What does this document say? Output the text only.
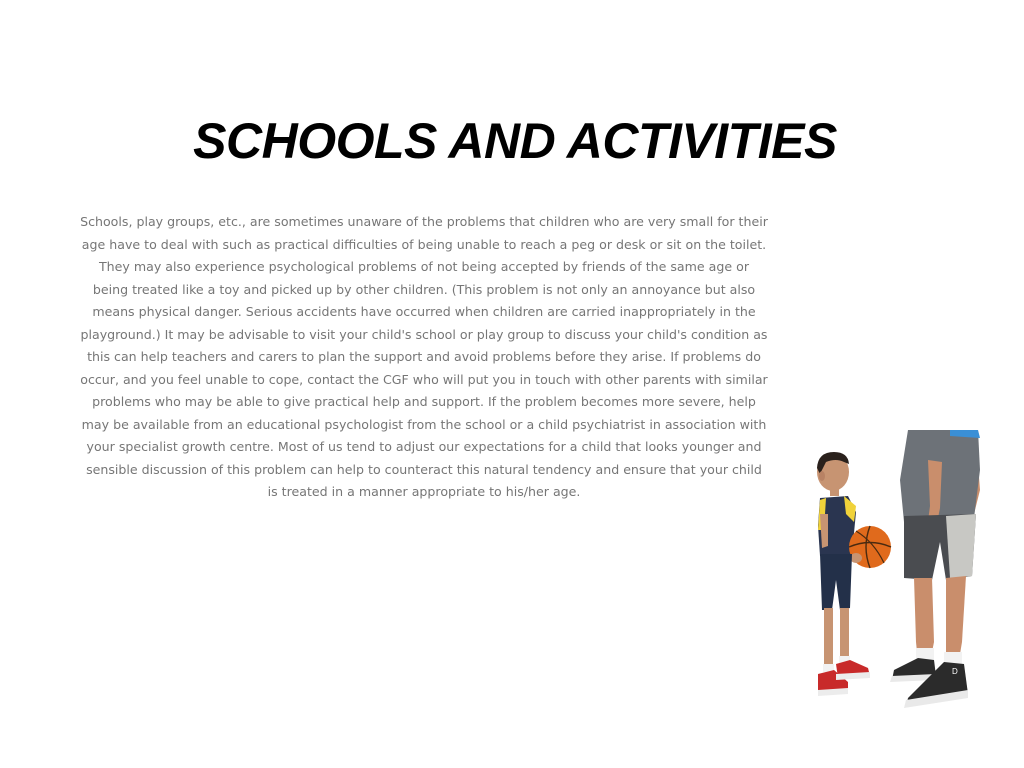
SCHOOLS AND ACTIVITIES

Schools, play groups, etc., are sometimes unaware of the problems that children who are very small for their age have to deal with such as practical difficulties of being unable to reach a peg or desk or sit on the toilet. They may also experience psychological problems of not being accepted by friends of the same age or being treated like a toy and picked up by other children. (This problem is not only an annoyance but also means physical danger. Serious accidents have occurred when children are carried inappropriately in the playground.) It may be advisable to visit your child's school or play group to discuss your child's condition as this can help teachers and carers to plan the support and avoid problems before they arise. If problems do occur, and you feel unable to cope, contact the CGF who will put you in touch with other parents with similar problems who may be able to give practical help and support. If the problem becomes more severe, help may be available from an educational psychologist from the school or a child psychiatrist in association with your specialist growth centre. Most of us tend to adjust our expectations for a child that looks younger and sensible discussion of this problem can help to counteract this natural tendency and ensure that your child is treated in a manner appropriate to his/her age.

D
